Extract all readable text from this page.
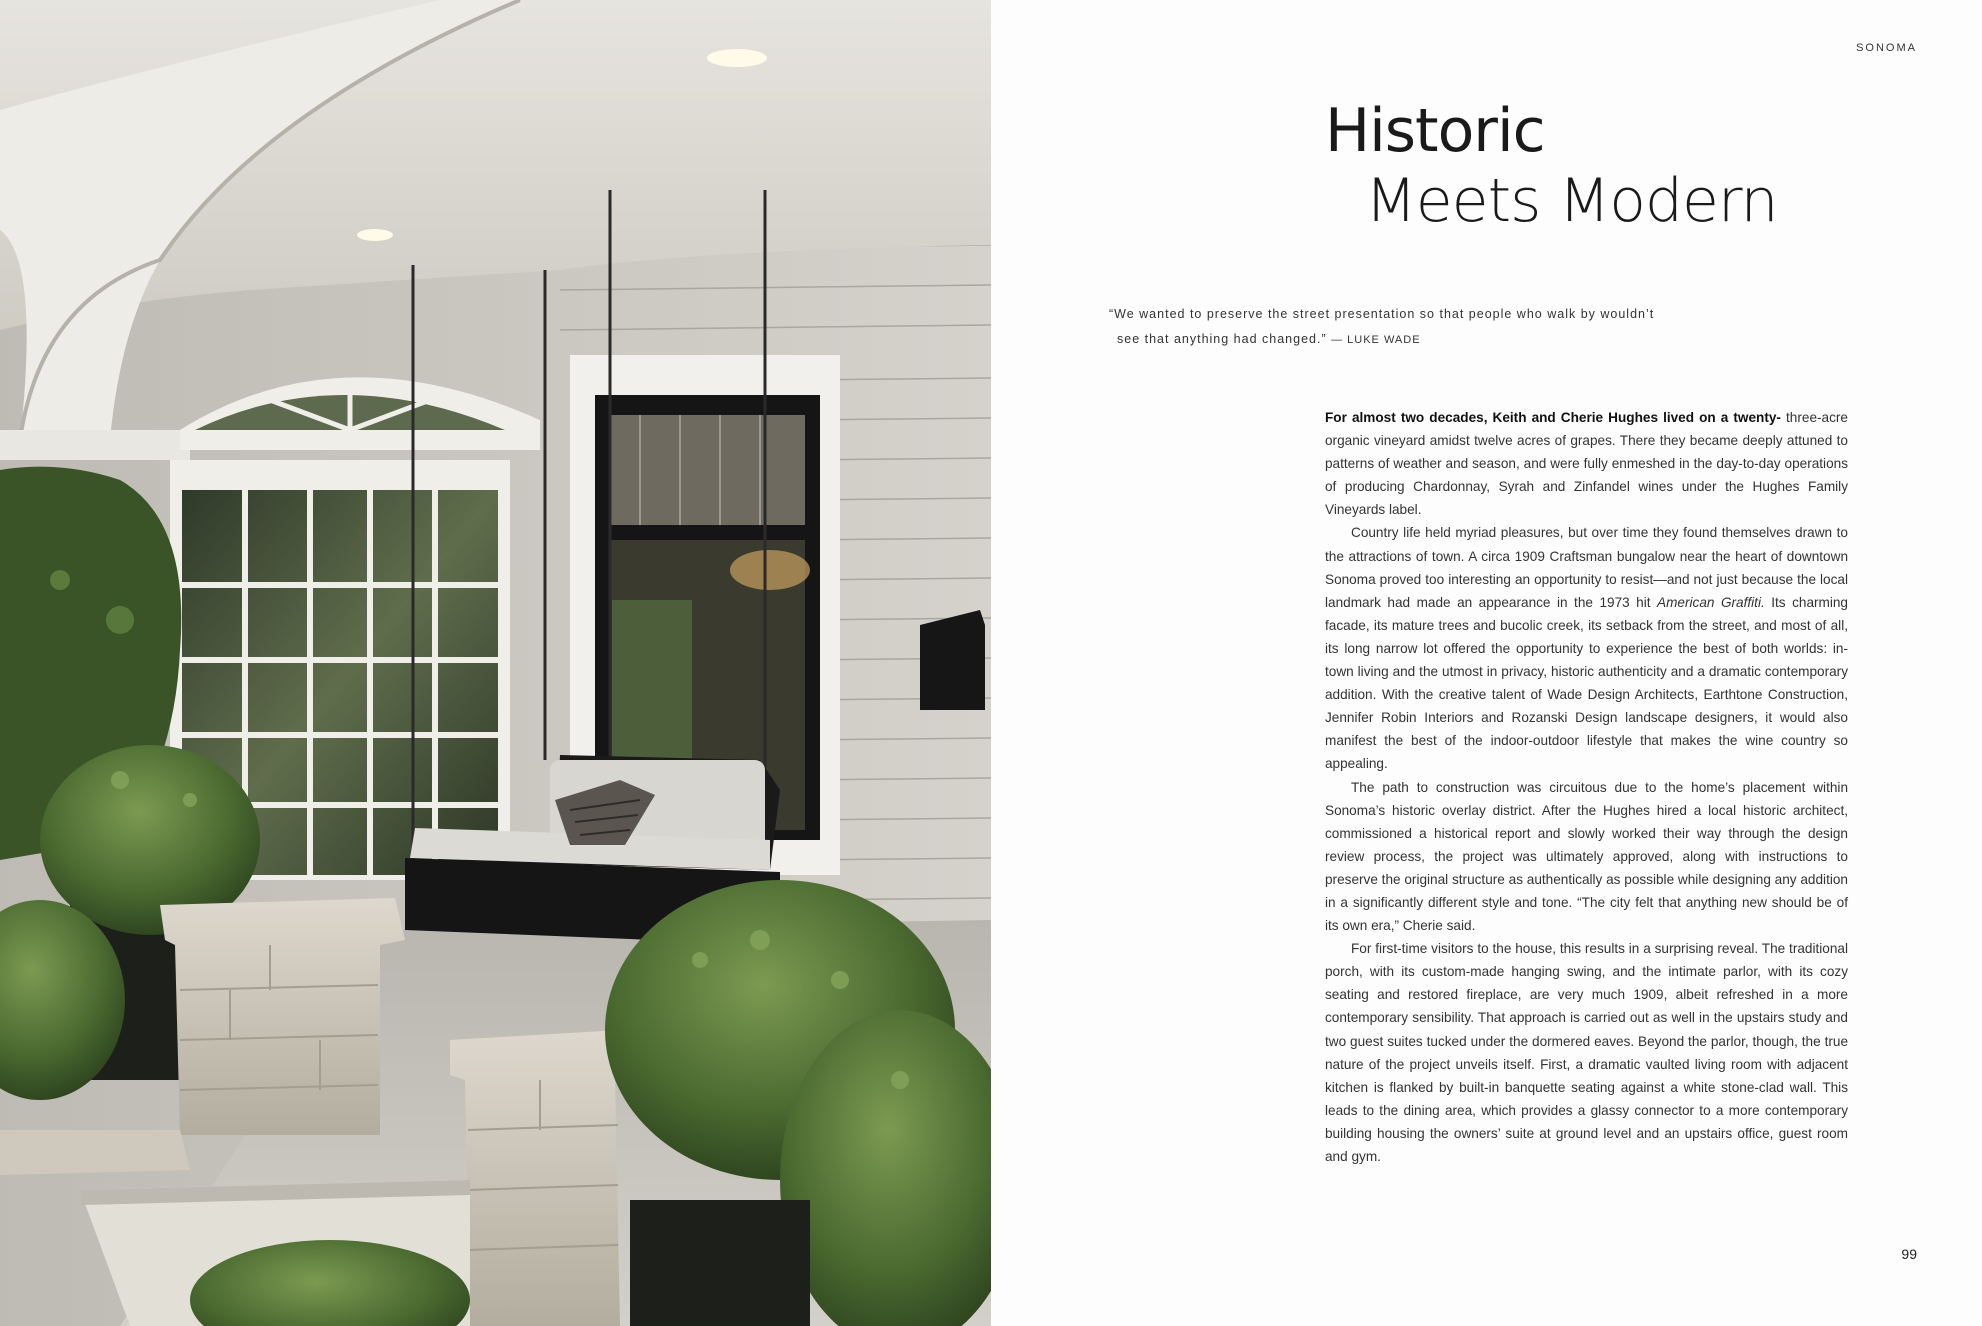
SONOMA
Historic
Meets Modern
“We wanted to preserve the street presentation so that people who walk by wouldn’t
see that anything had changed.” — LUKE WADE

For almost two decades, Keith and Cherie Hughes lived on a twenty- three-acre organic vineyard amidst twelve acres of grapes. There they became deeply attuned to patterns of weather and season, and were fully enmeshed in the day-to-day operations of producing Chardonnay, Syrah and Zinfandel wines under the Hughes Family Vineyards label.

Country life held myriad pleasures, but over time they found themselves drawn to the attractions of town. A circa 1909 Craftsman bungalow near the heart of downtown Sonoma proved too interesting an opportunity to resist—and not just because the local landmark had made an appearance in the 1973 hit American Graffiti. Its charming facade, its mature trees and bucolic creek, its setback from the street, and most of all, its long narrow lot offered the opportunity to experience the best of both worlds: in-town living and the utmost in privacy, historic authenticity and a dramatic contemporary addition. With the creative talent of Wade Design Architects, Earthtone Construction, Jennifer Robin Interiors and Rozanski Design landscape designers, it would also manifest the best of the indoor-outdoor lifestyle that makes the wine country so appealing.

The path to construction was circuitous due to the home’s placement within Sonoma’s historic overlay district. After the Hughes hired a local historic architect, commissioned a historical report and slowly worked their way through the design review process, the project was ultimately approved, along with instructions to preserve the original structure as authentically as possible while designing any addition in a significantly different style and tone. “The city felt that anything new should be of its own era,” Cherie said.

For first-time visitors to the house, this results in a surprising reveal. The traditional porch, with its custom-made hanging swing, and the intimate parlor, with its cozy seating and restored fireplace, are very much 1909, albeit refreshed in a more contemporary sensibility. That approach is carried out as well in the upstairs study and two guest suites tucked under the dormered eaves. Beyond the parlor, though, the true nature of the project unveils itself. First, a dramatic vaulted living room with adjacent kitchen is flanked by built-in banquette seating against a white stone-clad wall. This leads to the dining area, which provides a glassy connector to a more contemporary building housing the owners’ suite at ground level and an upstairs office, guest room and gym.

99
